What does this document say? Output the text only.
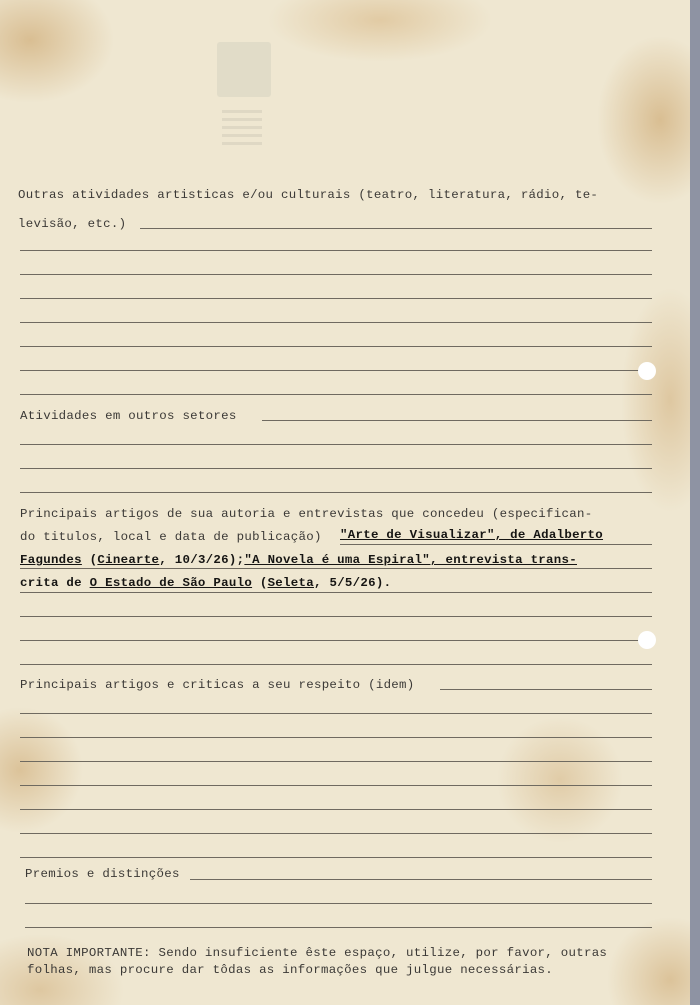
Outras atividades artisticas e/ou culturais (teatro, literatura, rádio, te-
levisão, etc.)
Atividades em outros setores
Principais artigos de sua autoria e entrevistas que concedeu (especifican-
do titulos, local e data de publicação) "Arte de Visualizar", de Adalberto
Fagundes (Cinearte, 10/3/26);"A Novela é uma Espiral", entrevista trans-
crita de O Estado de São Paulo (Seleta, 5/5/26).
Principais artigos e criticas a seu respeito (idem)
Premios e distinções
NOTA IMPORTANTE: Sendo insuficiente êste espaço, utilize, por favor, outras
folhas, mas procure dar tôdas as informações que julgue necessárias.
